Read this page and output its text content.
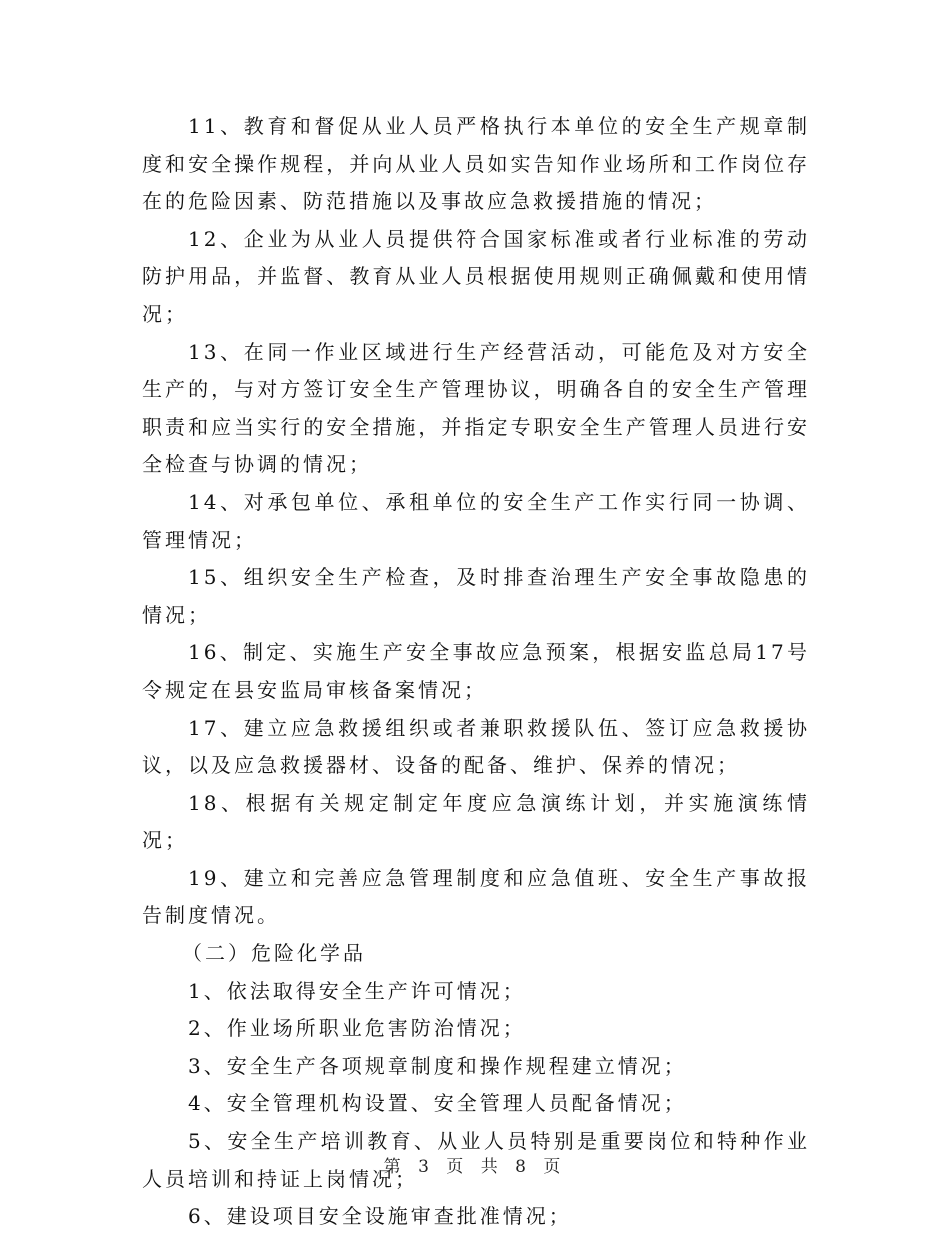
11、教育和督促从业人员严格执行本单位的安全生产规章制度和安全操作规程，并向从业人员如实告知作业场所和工作岗位存在的危险因素、防范措施以及事故应急救援措施的情况；

12、企业为从业人员提供符合国家标准或者行业标准的劳动防护用品，并监督、教育从业人员根据使用规则正确佩戴和使用情况；

13、在同一作业区域进行生产经营活动，可能危及对方安全生产的，与对方签订安全生产管理协议，明确各自的安全生产管理职责和应当实行的安全措施，并指定专职安全生产管理人员进行安全检查与协调的情况；

14、对承包单位、承租单位的安全生产工作实行同一协调、管理情况；

15、组织安全生产检查，及时排查治理生产安全事故隐患的情况；

16、制定、实施生产安全事故应急预案，根据安监总局17号令规定在县安监局审核备案情况；

17、建立应急救援组织或者兼职救援队伍、签订应急救援协议，以及应急救援器材、设备的配备、维护、保养的情况；

18、根据有关规定制定年度应急演练计划，并实施演练情况；

19、建立和完善应急管理制度和应急值班、安全生产事故报告制度情况。

（二）危险化学品

1、依法取得安全生产许可情况；

2、作业场所职业危害防治情况；

3、安全生产各项规章制度和操作规程建立情况；

4、安全管理机构设置、安全管理人员配备情况；

5、安全生产培训教育、从业人员特别是重要岗位和特种作业人员培训和持证上岗情况；

6、建设项目安全设施审查批准情况；

第 3 页 共 8 页
